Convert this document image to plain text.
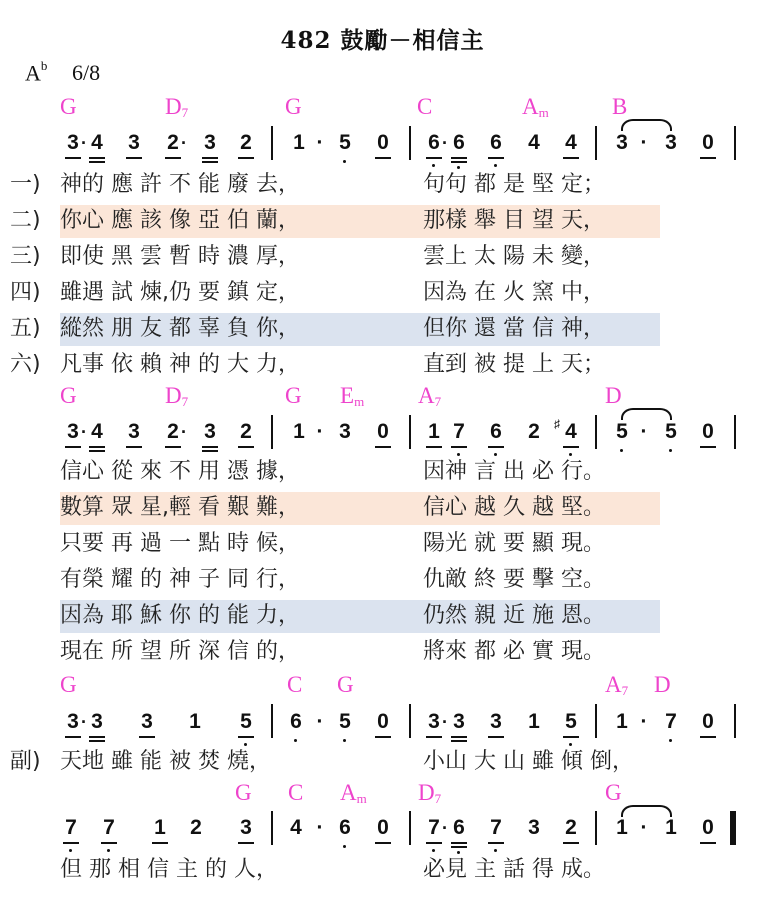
482 鼓勵－相信主
$A^b$ 6/8
G	$D_7$	G	C	$A_m$	B
3 · 4 3 2 · 3 2 1 · 5 0 6 · 6 6 4 4 3 · 3 0
一)
二)
三)
四)
五)
六)
神的 應 許 不 能 廢 去，	句句 都 是 堅 定；
你心 應 該 像 亞 伯 蘭，	那樣 舉 目 望 天，
即使 黑 雲 暫 時 濃 厚，	雲上 太 陽 未 變，
雖遇 試 煉,仍 要 鎮 定，	因為 在 火 窯 中，
縱然 朋 友 都 辜 負 你，	但你 還 當 信 神，
凡事 依 賴 神 的 大 力，	直到 被 提 上 天；
G	$D_7$	G $E_m$ $A_7$	D
3 · 4 3 2 · 3 2 1 · 3 0 1 7 6 2	♯ 4 5 · 5 0
信心 從 來 不 用 憑 據，	因神 言 出 必 行。
數算 眾 星,輕 看 艱 難，	信心 越 久 越 堅。
只要 再 過 一 點 時 候，	陽光 就 要 顯 現。
有榮 耀 的 神 子 同 行，	仇敵 終 要 擊 空。
因為 耶 穌 你 的 能 力，	仍然 親 近 施 恩。
現在 所 望 所 深 信 的，	將來 都 必 實 現。
G	C G	$A_7$ D
3 · 3 3 1 5 6 · 5 0 3 · 3 3 1 5 1 · 7 0
副) 天地 雖 能 被 焚 燒，	小山 大 山 雖 傾 倒，
G C $A_m$ $D_7$	G
7 7 1 2 3 4 · 6 0 7 · 6 7 3 2 1 · 1 0
但 那 相 信 主 的 人，	必見 主 話 得 成。
